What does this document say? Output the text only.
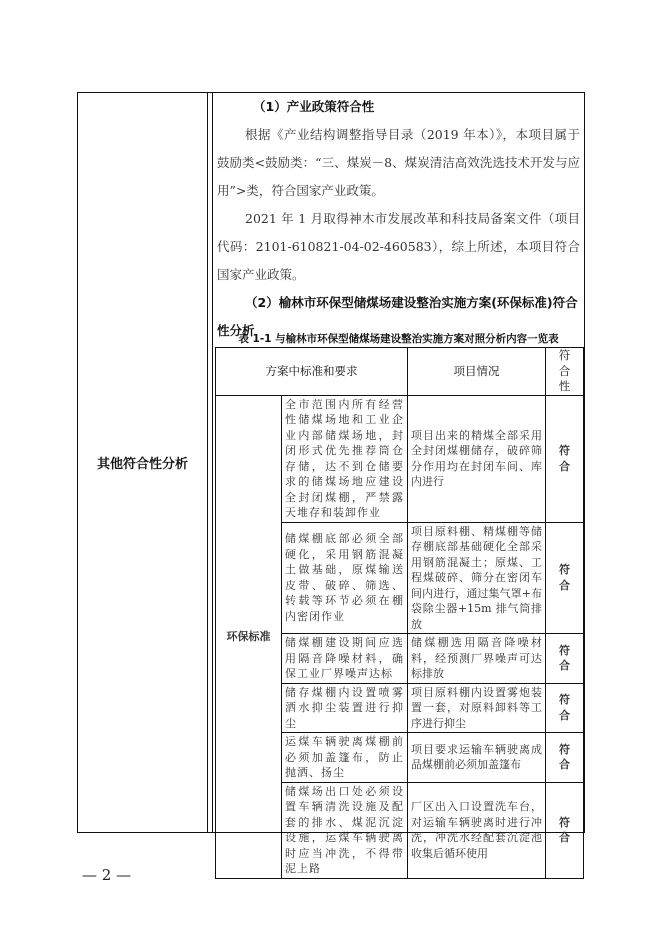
其他符合性分析
（1）产业政策符合性

根据《产业结构调整指导目录（2019 年本）》，本项目属于鼓励类<鼓励类：“三、煤炭－8、煤炭清洁高效洗选技术开发与应用”>类，符合国家产业政策。

2021 年 1 月取得神木市发展改革和科技局备案文件（项目代码：2101-610821-04-02-460583），综上所述，本项目符合国家产业政策。

（2）榆林市环保型储煤场建设整治实施方案(环保标准)符合性分析
表 1-1 与榆林市环保型储煤场建设整治实施方案对照分析内容一览表
方案中标准和要求		项目情况	符合性
环保标准	全市范围内所有经营性储煤场地和工业企业内部储煤场地，封闭形式优先推荐筒仓存储，达不到仓储要求的储煤场地应建设全封闭煤棚，严禁露天堆存和装卸作业	项目出来的精煤全部采用全封闭煤棚储存，破碎筛分作用均在封闭车间、库内进行	符合
	储煤棚底部必须全部硬化，采用钢筋混凝土做基础，原煤输送皮带、破碎、筛选、转载等环节必须在棚内密闭作业	项目原料棚、精煤棚等储存棚底部基础硬化全部采用钢筋混凝土；原煤、工程煤破碎、筛分在密闭车间内进行，通过集气罩+布袋除尘器+15m 排气筒排放	符合
	储煤棚建设期间应选用隔音降噪材料，确保工业厂界噪声达标	储煤棚选用隔音降噪材料，经预测厂界噪声可达标排放	符合
	储存煤棚内设置喷雾洒水抑尘装置进行抑尘	项目原料棚内设置雾炮装置一套，对原料卸料等工序进行抑尘	符合
	运煤车辆驶离煤棚前必须加盖篷布，防止抛洒、扬尘	项目要求运输车辆驶离成品煤棚前必须加盖篷布	符合
	储煤场出口处必须设置车辆清洗设施及配套的排水、煤泥沉淀设施，运煤车辆驶离时应当冲洗，不得带泥上路	厂区出入口设置洗车台，对运输车辆驶离时进行冲洗，冲洗水经配套沉淀池收集后循环使用	符合
— 2 —
